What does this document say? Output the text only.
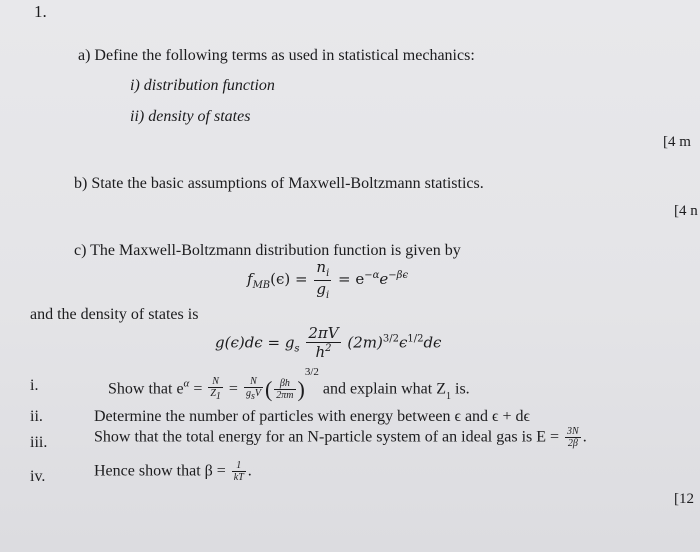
1.
a) Define the following terms as used in statistical mechanics:
i) distribution function
ii) density of states
[4 m
b) State the basic assumptions of Maxwell-Boltzmann statistics.
[4 n
c) The Maxwell-Boltzmann distribution function is given by
$f_{MB}(\epsilon) = \frac{n_i}{g_i} = e^{-\alpha}e^{-\beta\epsilon}$
and the density of states is
$g(\epsilon)d\epsilon = g_s \frac{2\pi V}{h^2} (2m)^{3/2}\epsilon^{1/2}d\epsilon$
i.	Show that $e^\alpha = \frac{N}{Z_1} = \frac{N}{g_sV}$ ( $\frac{\beta h}{2\pi m} )^{3/2}$ and explain what $Z_1$ is.
ii.	Determine the number of particles with energy between ϵ and ϵ + dϵ
iii.	Show that the total energy for an N-particle system of an ideal gas is $E = \frac{3N}{2\beta}$ .
iv.	Hence show that $\beta = \frac{1}{kT}$ .
[12
